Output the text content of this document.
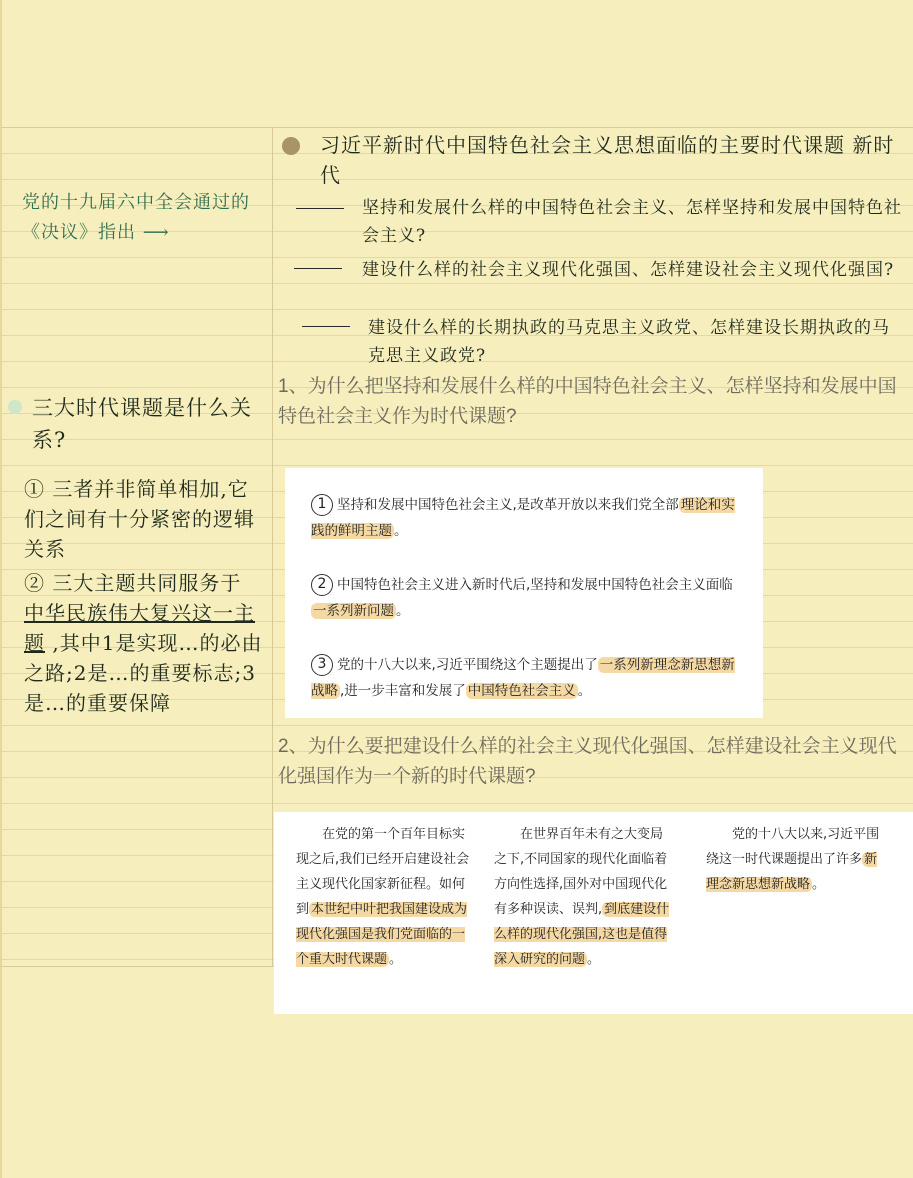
党的十九届六中全会通过的《决议》指出 ⟶
三大时代课题是什么关系?

① 三者并非简单相加,它们之间有十分紧密的逻辑关系

② 三大主题共同服务于 中华民族伟大复兴这一主题 ,其中1是实现…的必由之路;2是…的重要标志;3是…的重要保障

习近平新时代中国特色社会主义思想面临的主要时代课题 新时代
坚持和发展什么样的中国特色社会主义、怎样坚持和发展中国特色社会主义?
建设什么样的社会主义现代化强国、怎样建设社会主义现代化强国?
建设什么样的长期执政的马克思主义政党、怎样建设长期执政的马克思主义政党?
1、为什么把坚持和发展什么样的中国特色社会主义、怎样坚持和发展中国特色社会主义作为时代课题?
1 坚持和发展中国特色社会主义,是改革开放以来我们党全部 理论和实践的鲜明主题 。
2 中国特色社会主义进入新时代后,坚持和发展中国特色社会主义面临一系列新问题 。
3 党的十八大以来,习近平围绕这个主题提出了 一系列新理念新思想新战略 ,进一步丰富和发展了 中国特色社会主义 。
2、为什么要把建设什么样的社会主义现代化强国、怎样建设社会主义现代化强国作为一个新的时代课题?
在党的第一个百年目标实现之后,我们已经开启建设社会主义现代化国家新征程。如何到 本世纪中叶把我国建设成为现代化强国是我们党面临的一个重大时代课题 。
在世界百年未有之大变局之下,不同国家的现代化面临着方向性选择,国外对中国现代化有多种误读、误判, 到底建设什么样的现代化强国,这也是值得深入研究的问题 。
党的十八大以来,习近平围绕这一时代课题提出了许多 新理念新思想新战略 。
